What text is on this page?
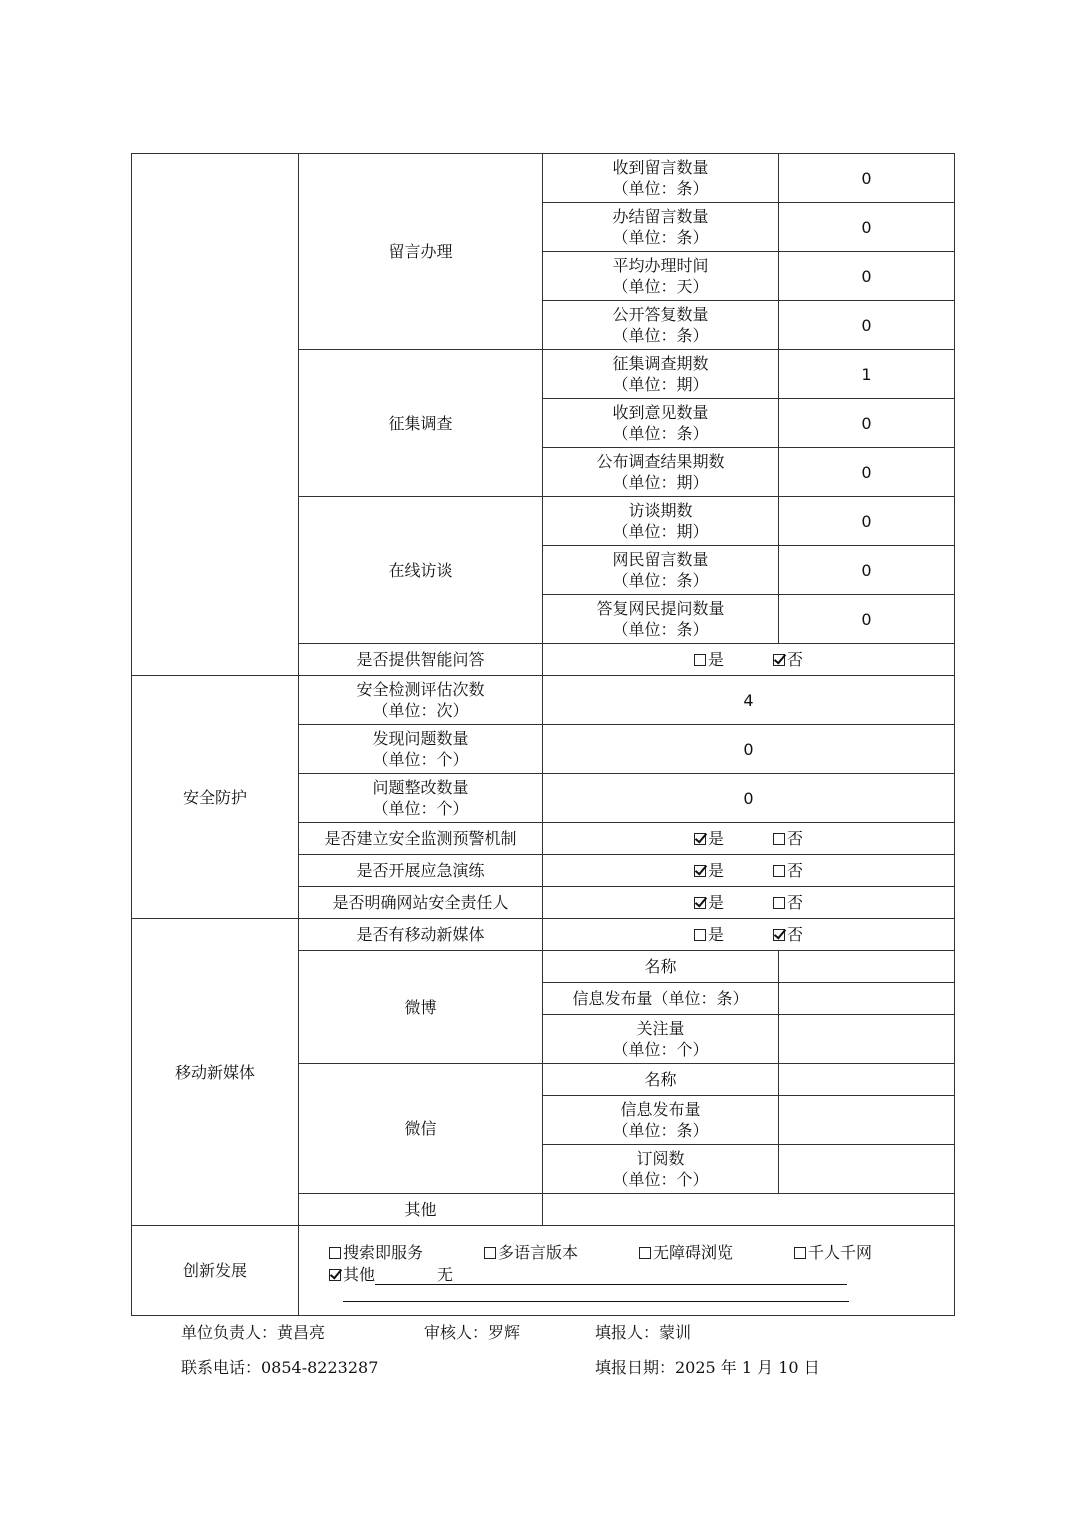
	留言办理	收到留言数量
（单位：条）	0

		办结留言数量
（单位：条）	0

		平均办理时间
（单位：天）	0

		公开答复数量
（单位：条）	0
	征集调查	征集调查期数
（单位：期）	1

		收到意见数量
（单位：条）	0

		公布调查结果期数
（单位：期）	0
	在线访谈	访谈期数
（单位：期）	0

		网民留言数量
（单位：条）	0

		答复网民提问数量
（单位：条）	0
	是否提供智能问答	是 否	
安全防护	安全检测评估次数
（单位：次）	4	

	发现问题数量
（单位：个）	0	

	问题整改数量
（单位：个）	0	
	是否建立安全监测预警机制	是 否	
	是否开展应急演练	是 否	
	是否明确网站安全责任人	是 否	
移动新媒体	是否有移动新媒体	是 否	
	微博	名称	
		信息发布量（单位：条）	

		关注量
（单位：个）	

	微信	名称	

		信息发布量
（单位：条）	

		订阅数
（单位：个）	

	其他		
创新发展	搜索即服务 多语言版本 无障碍浏览 千人千网
其他 无		
单位负责人：黄昌亮	审核人：罗辉	填报人：蒙训
联系电话：0854-8223287	填报日期：2025 年 1 月 10 日
